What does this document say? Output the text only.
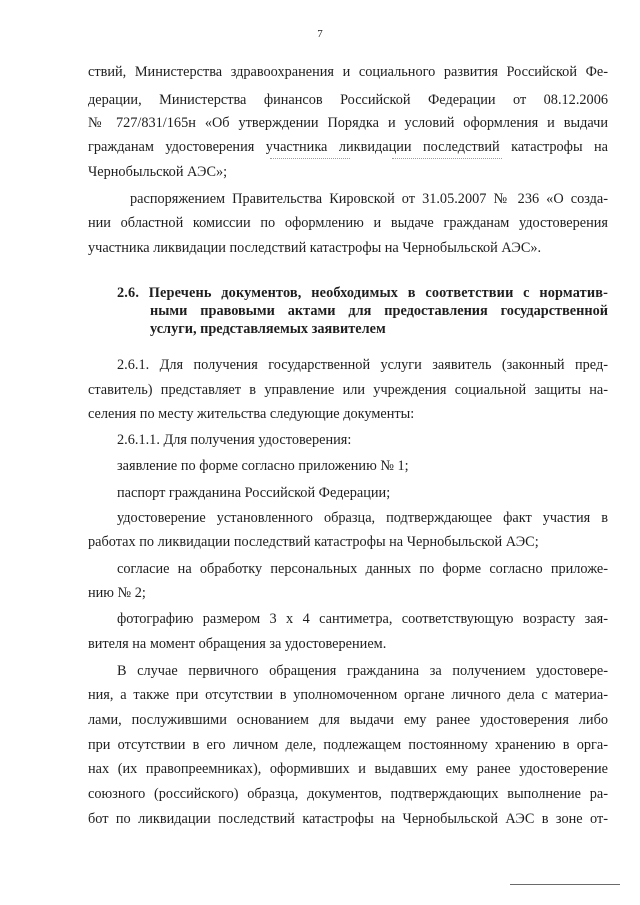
7
ствий, Министерства здравоохранения и социального развития Российской Фе-
дерации, Министерства финансов Российской Федерации от 08.12.2006
№ 727/831/165н «Об утверждении Порядка и условий оформления и выдачи
гражданам удостоверения участника ликвидации последствий катастрофы на
Чернобыльской АЭС»;
распоряжением Правительства Кировской от 31.05.2007 № 236 «О созда-
нии областной комиссии по оформлению и выдаче гражданам удостоверения
участника ликвидации последствий катастрофы на Чернобыльской АЭС».
2.6. Перечень документов, необходимых в соответствии с норматив-
ными правовыми актами для предоставления государственной
услуги, представляемых заявителем
2.6.1. Для получения государственной услуги заявитель (законный пред-
ставитель) представляет в управление или учреждения социальной защиты на-
селения по месту жительства следующие документы:
2.6.1.1. Для получения удостоверения:
заявление по форме согласно приложению № 1;
паспорт гражданина Российской Федерации;
удостоверение установленного образца, подтверждающее факт участия в
работах по ликвидации последствий катастрофы на Чернобыльской АЭС;
согласие на обработку персональных данных по форме согласно приложе-
нию № 2;
фотографию размером 3 х 4 сантиметра, соответствующую возрасту зая-
вителя на момент обращения за удостоверением.
В случае первичного обращения гражданина за получением удостовере-
ния, а также при отсутствии в уполномоченном органе личного дела с материа-
лами, послужившими основанием для выдачи ему ранее удостоверения либо
при отсутствии в его личном деле, подлежащем постоянному хранению в орга-
нах (их правопреемниках), оформивших и выдавших ему ранее удостоверение
союзного (российского) образца, документов, подтверждающих выполнение ра-
бот по ликвидации последствий катастрофы на Чернобыльской АЭС в зоне от-
